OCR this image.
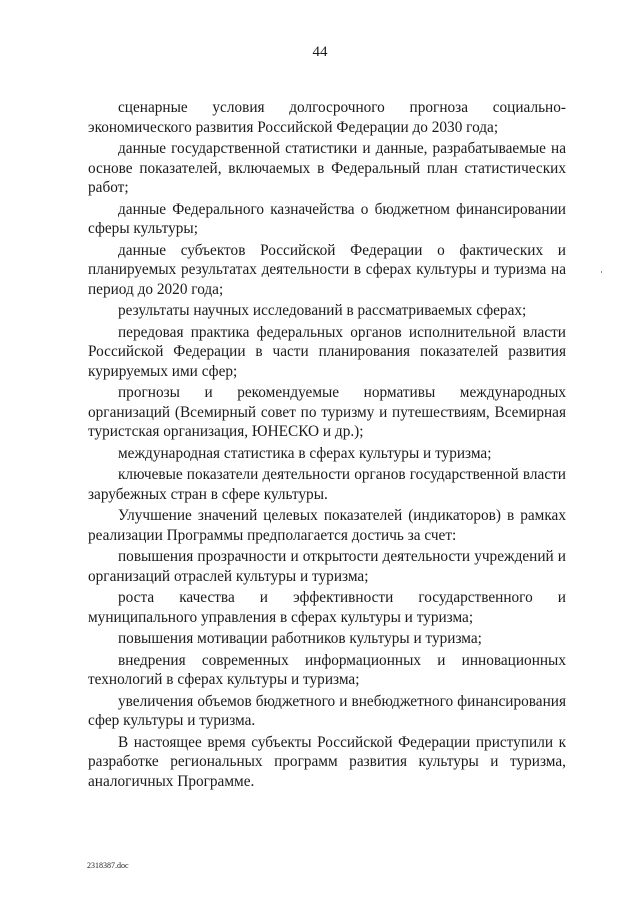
44

сценарные условия долгосрочного прогноза социально-экономического развития Российской Федерации до 2030 года;

данные государственной статистики и данные, разрабатываемые на основе показателей, включаемых в Федеральный план статистических работ;

данные Федерального казначейства о бюджетном финансировании сферы культуры;

данные субъектов Российской Федерации о фактических и планируемых результатах деятельности в сферах культуры и туризма на период до 2020 года;

результаты научных исследований в рассматриваемых сферах;

передовая практика федеральных органов исполнительной власти Российской Федерации в части планирования показателей развития курируемых ими сфер;

прогнозы и рекомендуемые нормативы международных организаций (Всемирный совет по туризму и путешествиям, Всемирная туристская организация, ЮНЕСКО и др.);

международная статистика в сферах культуры и туризма;

ключевые показатели деятельности органов государственной власти зарубежных стран в сфере культуры.

Улучшение значений целевых показателей (индикаторов) в рамках реализации Программы предполагается достичь за счет:

повышения прозрачности и открытости деятельности учреждений и организаций отраслей культуры и туризма;

роста качества и эффективности государственного и муниципального управления в сферах культуры и туризма;

повышения мотивации работников культуры и туризма;

внедрения современных информационных и инновационных технологий в сферах культуры и туризма;

увеличения объемов бюджетного и внебюджетного финансирования сфер культуры и туризма.

В настоящее время субъекты Российской Федерации приступили к разработке региональных программ развития культуры и туризма, аналогичных Программе.

2318387.doc
